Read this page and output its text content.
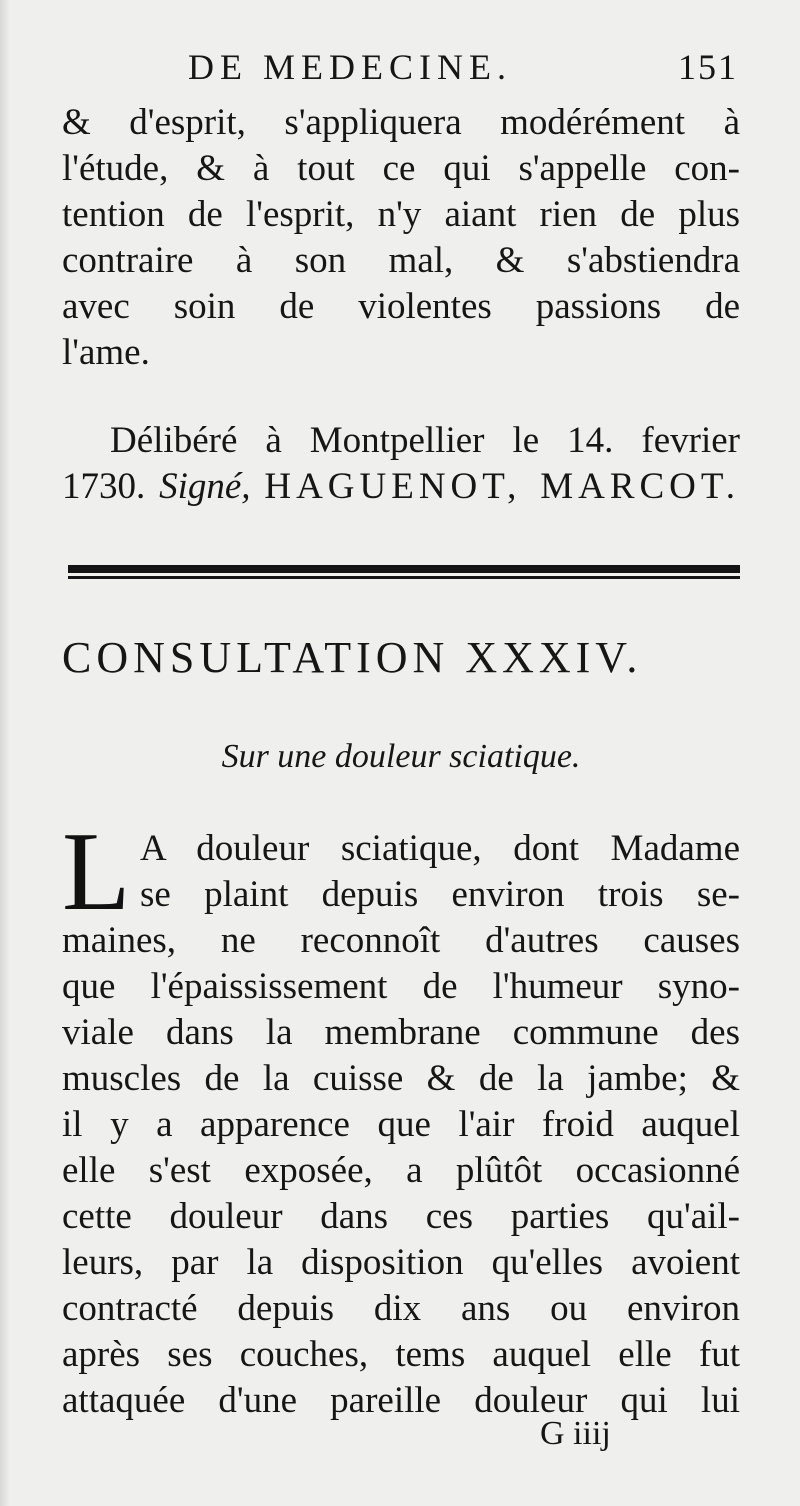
DE MEDECINE.	151
& d'esprit, s'appliquera modérément à
l'étude, & à tout ce qui s'appelle con-
tention de l'esprit, n'y aiant rien de plus
contraire à son mal, & s'abstiendra
avec soin de violentes passions de
l'ame.
Délibéré à Montpellier le 14. fevrier
1730. Signé, HAGUENOT, MARCOT.
CONSULTATION XXXIV.
Sur une douleur sciatique.
L A douleur sciatique, dont Madame
se plaint depuis environ trois se-
maines, ne reconnoît d'autres causes
que l'épaississement de l'humeur syno-
viale dans la membrane commune des
muscles de la cuisse & de la jambe; &
il y a apparence que l'air froid auquel
elle s'est exposée, a plûtôt occasionné
cette douleur dans ces parties qu'ail-
leurs, par la disposition qu'elles avoient
contracté depuis dix ans ou environ
après ses couches, tems auquel elle fut
attaquée d'une pareille douleur qui lui
G iiij
